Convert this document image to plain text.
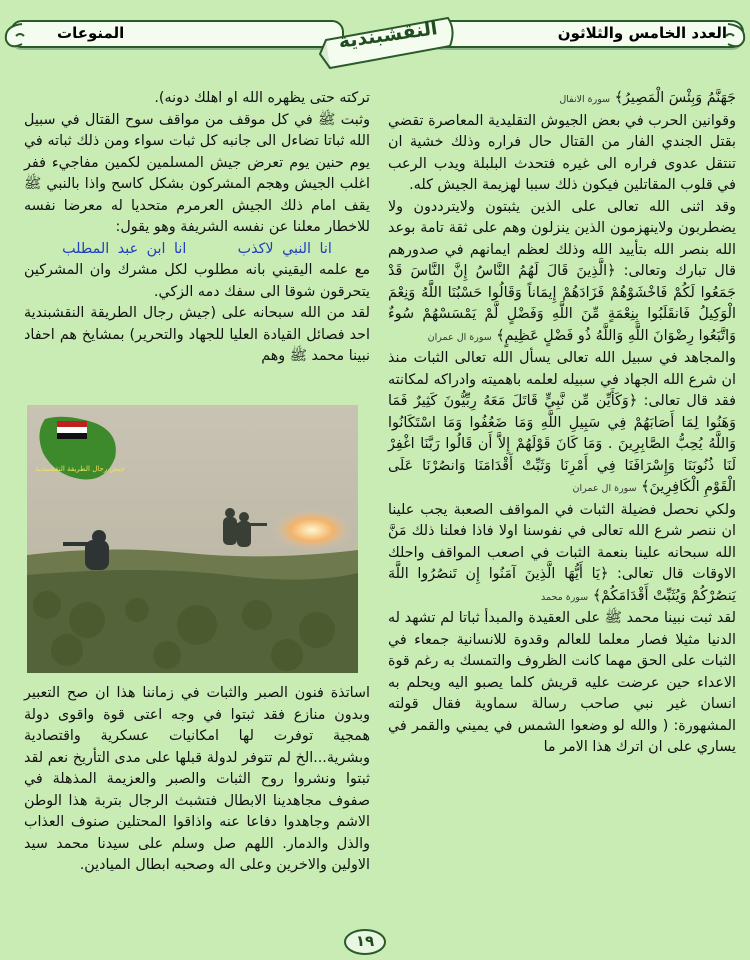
المنوعات	العدد الخامس والثلاثون
النقشبندية

جَهَنَّمُ وَبِئْسَ الْمَصِيرُ﴾ سورة الانفال

وقوانين الحرب في بعض الجيوش التقليدية المعاصرة تقضي بقتل الجندي الفار من القتال حال فراره وذلك خشية ان تنتقل عدوى فراره الى غيره فتحدث البلبلة ويدب الرعب في قلوب المقاتلين فيكون ذلك سببا لهزيمة الجيش كله.

وقد اثنى الله تعالى على الذين يثبتون ولايترددون ولا يضطربون ولاينهزمون الذين ينزلون وهم على ثقة تامة بوعد الله بنصر الله بتأييد الله وذلك لعظم ايمانهم في صدورهم قال تبارك وتعالى: ﴿الَّذِينَ قَالَ لَهُمُ النَّاسُ إِنَّ النَّاسَ قَدْ جَمَعُوا لَكُمْ فَاخْشَوْهُمْ فَزَادَهُمْ إِيمَاناً وَقَالُوا حَسْبُنَا اللَّهُ وَنِعْمَ الْوَكِيلُ فَانقَلَبُوا بِنِعْمَةٍ مِّنَ اللَّهِ وَفَضْلٍ لَّمْ يَمْسَسْهُمْ سُوءٌ وَاتَّبَعُوا رِضْوَانَ اللَّهِ وَاللَّهُ ذُو فَضْلٍ عَظِيمٍ﴾ سورة ال عمران

والمجاهد في سبيل الله تعالى يسأل الله تعالى الثبات منذ ان شرع الله الجهاد في سبيله لعلمه باهميته وادراكه لمكانته فقد قال تعالى: ﴿وَكَأَيِّن مِّن نَّبِيٍّ قَاتَلَ مَعَهُ رِبِّيُّونَ كَثِيرٌ فَمَا وَهَنُوا لِمَا أَصَابَهُمْ فِي سَبِيلِ اللَّهِ وَمَا ضَعُفُوا وَمَا اسْتَكَانُوا وَاللَّهُ يُحِبُّ الصَّابِرِينَ . وَمَا كَانَ قَوْلَهُمْ إِلاَّ أَن قَالُوا رَبَّنَا اغْفِرْ لَنَا ذُنُوبَنَا وَإِسْرَافَنَا فِي أَمْرِنَا وَثَبِّتْ أَقْدَامَنَا وَانصُرْنَا عَلَى الْقَوْمِ الْكَافِرِينَ﴾ سورة ال عمران

ولكي نحصل فضيلة الثبات في المواقف الصعبة يجب علينا ان ننصر شرع الله تعالى في نفوسنا اولا فاذا فعلنا ذلك مَنَّ الله سبحانه علينا بنعمة الثبات في اصعب المواقف واحلك الاوقات قال تعالى: ﴿يَا أَيُّهَا الَّذِينَ آمَنُوا إِن تَنصُرُوا اللَّهَ يَنصُرْكُمْ وَيُثَبِّتْ أَقْدَامَكُمْ﴾ سورة محمد

لقد ثبت نبينا محمد ﷺ على العقيدة والمبدأ ثباتا لم تشهد له الدنيا مثيلا فصار معلما للعالم وقدوة للانسانية جمعاء في الثبات على الحق مهما كانت الظروف والتمسك به رغم قوة الاعداء حين عرضت عليه قريش كلما يصبو اليه ويحلم به انسان غير نبي صاحب رسالة سماوية فقال قولته المشهورة: ( والله لو وضعوا الشمس في يميني والقمر في يساري على ان اترك هذا الامر ما

تركته حتى يظهره الله او اهلك دونه).

وثبت ﷺ في كل موقف من مواقف سوح القتال في سبيل الله ثباتا تضاءل الى جانبه كل ثبات سواء ومن ذلك ثباته في يوم حنين يوم تعرض جيش المسلمين لكمين مفاجيء ففر اغلب الجيش وهجم المشركون بشكل كاسح واذا بالنبي ﷺ يقف امام ذلك الجيش العرمرم متحديا له معرضا نفسه للاخطار معلنا عن نفسه الشريفة وهو يقول:

انا النبي لاكذب      انا ابن عبد المطلب

مع علمه اليقيني بانه مطلوب لكل مشرك وان المشركين يتحرقون شوقا الى سفك دمه الزكي.

لقد من الله سبحانه على (جيش رجال الطريقة النقشبندية احد فصائل القيادة العليا للجهاد والتحرير) بمشايخ هم احفاد نبينا محمد ﷺ وهم

جيش رجال الطريقة النقشبندية

اساتذة فنون الصبر والثبات في زماننا هذا ان صح التعبير وبدون منازع فقد ثبتوا في وجه اعتى قوة واقوى دولة همجية توفرت لها امكانيات عسكرية واقتصادية وبشرية...الخ لم تتوفر لدولة قبلها على مدى التأريخ نعم لقد ثبتوا ونشروا روح الثبات والصبر والعزيمة المذهلة في صفوف مجاهدينا الابطال فتشبث الرجال بتربة هذا الوطن الاشم وجاهدوا دفاعا عنه واذاقوا المحتلين صنوف العذاب والذل والدمار. اللهم صل وسلم على سيدنا محمد سيد الاولين والاخرين وعلى اله وصحبه ابطال الميادين.

١٩
